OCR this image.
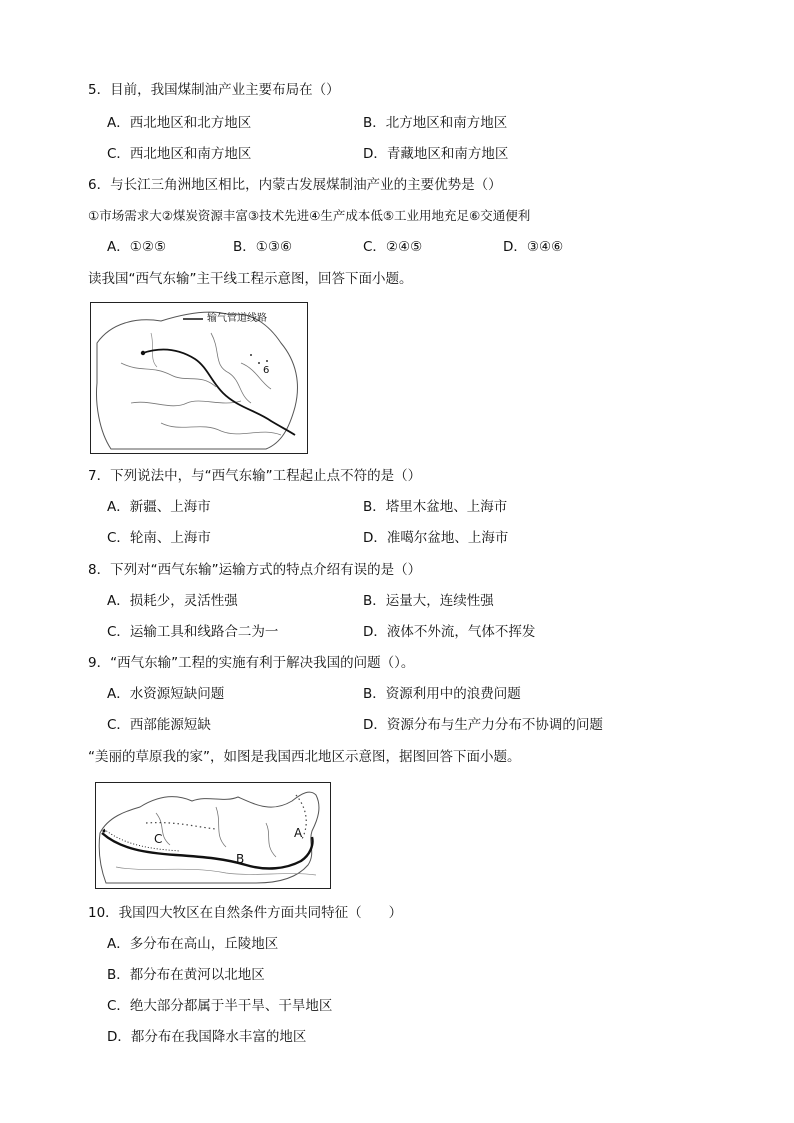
5．目前，我国煤制油产业主要布局在（）
A．西北地区和北方地区	B．北方地区和南方地区
C．西北地区和南方地区	D．青藏地区和南方地区
6．与长江三角洲地区相比，内蒙古发展煤制油产业的主要优势是（）
①市场需求大②煤炭资源丰富③技术先进④生产成本低⑤工业用地充足⑥交通便利
A．①②⑤	B．①③⑥	C．②④⑤	D．③④⑥
读我国“西气东输”主干线工程示意图，回答下面小题。
输气管道线路
6
7．下列说法中，与“西气东输”工程起止点不符的是（）
A．新疆、上海市	B．塔里木盆地、上海市
C．轮南、上海市	D．准噶尔盆地、上海市
8．下列对“西气东输”运输方式的特点介绍有误的是（）
A．损耗少，灵活性强	B．运量大，连续性强
C．运输工具和线路合二为一	D．液体不外流，气体不挥发
9．“西气东输”工程的实施有利于解决我国的问题（）。
A．水资源短缺问题	B．资源利用中的浪费问题
C．西部能源短缺	D．资源分布与生产力分布不协调的问题
“美丽的草原我的家”，如图是我国西北地区示意图，据图回答下面小题。
C	A
B
10．我国四大牧区在自然条件方面共同特征（　　）
A．多分布在高山，丘陵地区
B．都分布在黄河以北地区
C．绝大部分都属于半干旱、干旱地区
D．都分布在我国降水丰富的地区
